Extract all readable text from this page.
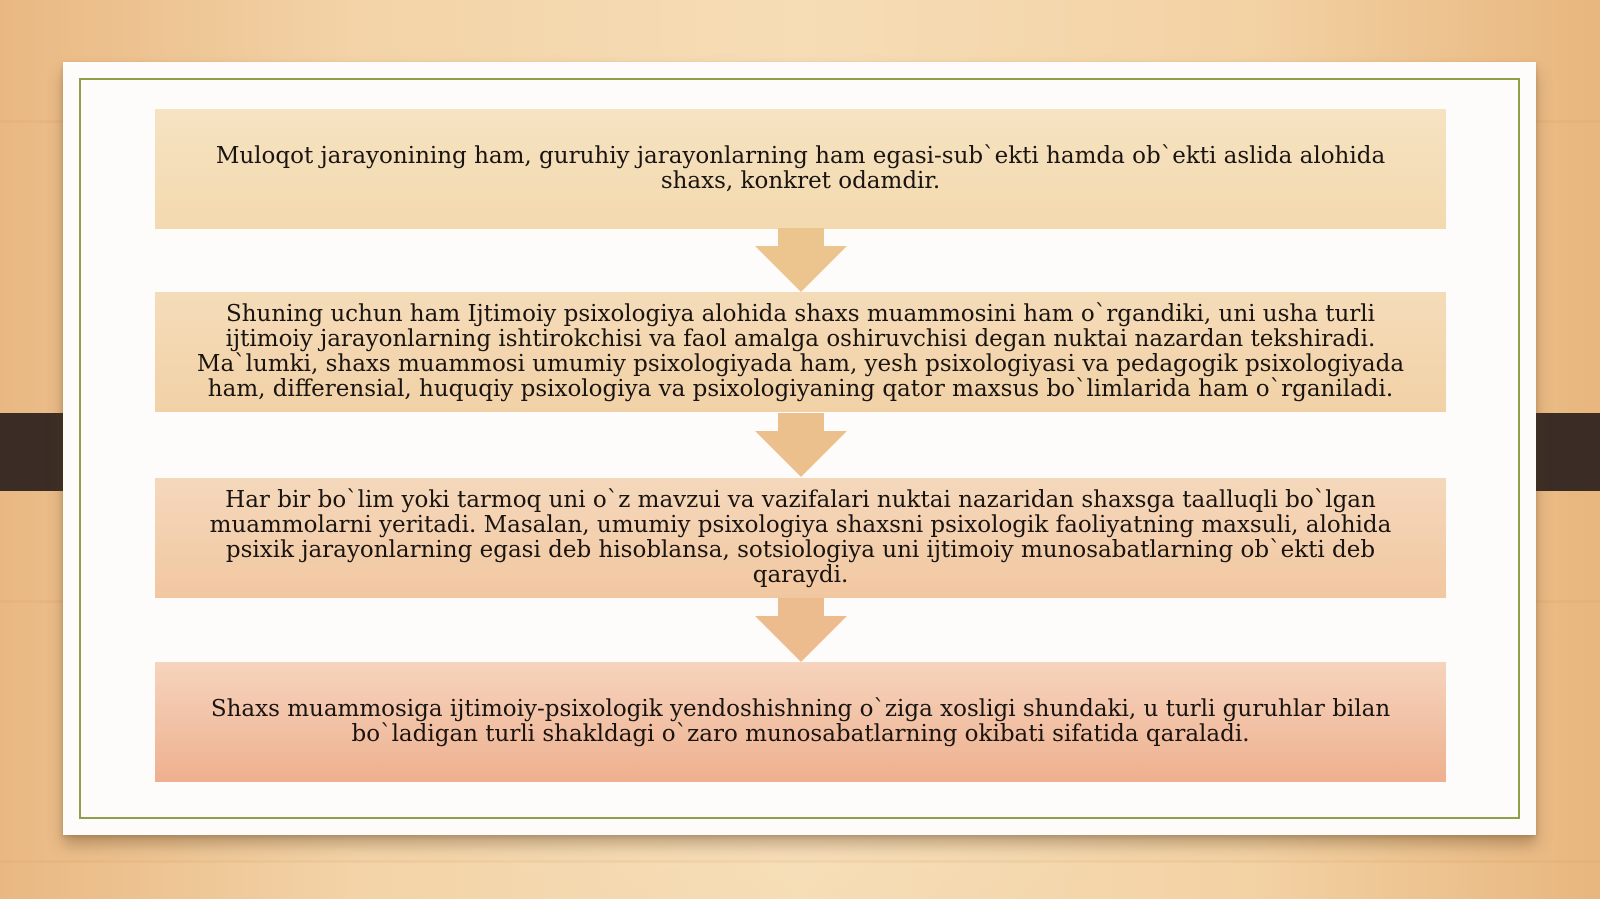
Muloqot jarayonining ham, guruhiy jarayonlarning ham egasi-sub`ekti hamda ob`ekti aslida alohida shaxs, konkret odamdir.
Shuning uchun ham Ijtimoiy psixologiya alohida shaxs muammosini ham o`rgandiki, uni usha turli ijtimoiy jarayonlarning ishtirokchisi va faol amalga oshiruvchisi degan nuktai nazardan tekshiradi. Ma`lumki, shaxs muammosi umumiy psixologiyada ham, yesh psixologiyasi va pedagogik psixologiyada ham, differensial, huquqiy psixologiya va psixologiyaning qator maxsus bo`limlarida ham o`rganiladi.
Har bir bo`lim yoki tarmoq uni o`z mavzui va vazifalari nuktai nazaridan shaxsga taalluqli bo`lgan muammolarni yeritadi. Masalan, umumiy psixologiya shaxsni psixologik faoliyatning maxsuli, alohida psixik jarayonlarning egasi deb hisoblansa, sotsiologiya uni ijtimoiy munosabatlarning ob`ekti deb qaraydi.
Shaxs muammosiga ijtimoiy-psixologik yendoshishning o`ziga xosligi shundaki, u turli guruhlar bilan bo`ladigan turli shakldagi o`zaro munosabatlarning okibati sifatida qaraladi.
